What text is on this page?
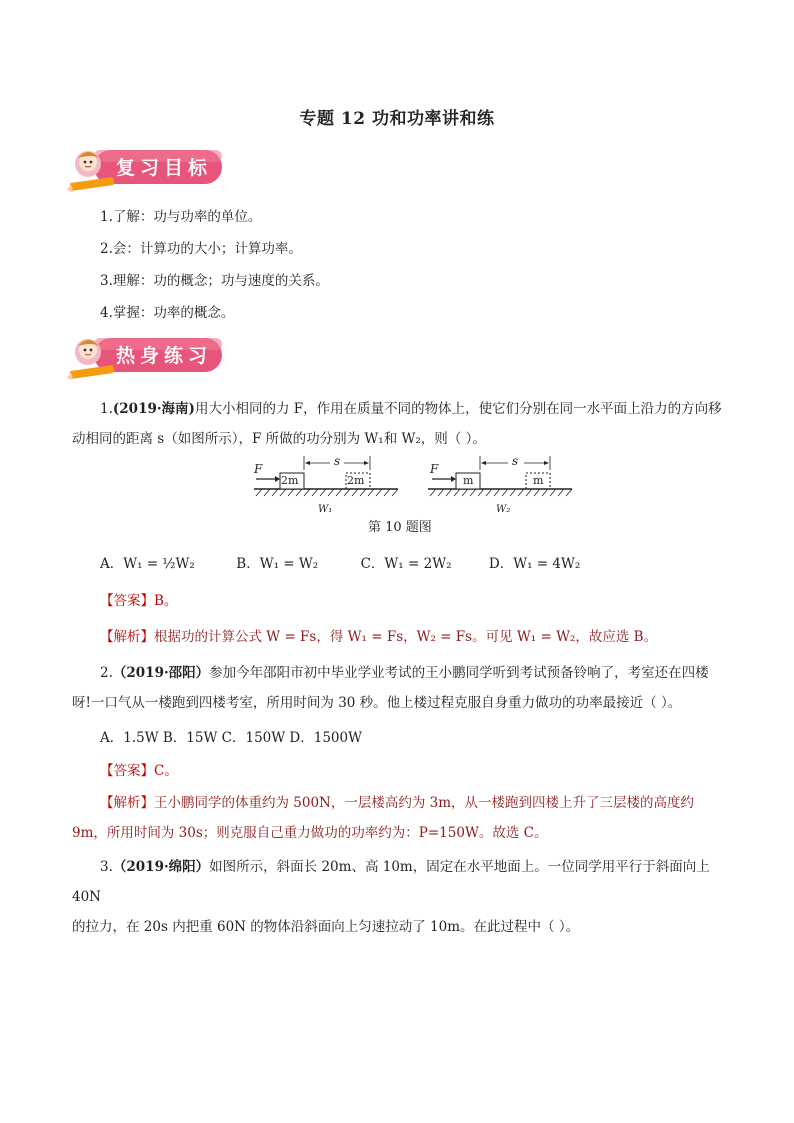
专题 12 功和功率讲和练
复习目标
1.了解：功与功率的单位。
2.会：计算功的大小；计算功率。
3.理解：功的概念；功与速度的关系。
4.掌握：功率的概念。
热身练习
1.(2019·海南)用大小相同的力 F，作用在质量不同的物体上，使它们分别在同一水平面上沿力的方向移
动相同的距离 s（如图所示），F 所做的功分别为 W₁和 W₂，则（ ）。
F
2m	2m
s
W₁
F
m	m
s
W₂
第 10 题图
A．W₁ = ½W₂	B．W₁ = W₂	C．W₁ = 2W₂	D．W₁ = 4W₂
【答案】B。
【解析】根据功的计算公式 W = Fs，得 W₁ = Fs，W₂ = Fs。可见 W₁ = W₂，故应选 B。
2.（2019·邵阳）参加今年邵阳市初中毕业学业考试的王小鹏同学听到考试预备铃响了，考室还在四楼
呀!一口气从一楼跑到四楼考室，所用时间为 30 秒。他上楼过程克服自身重力做功的功率最接近（ ）。
A．1.5W B．15W C．150W D．1500W
【答案】C。
【解析】王小鹏同学的体重约为 500N，一层楼高约为 3m，从一楼跑到四楼上升了三层楼的高度约
9m，所用时间为 30s；则克服自己重力做功的功率约为：P=150W。故选 C。
3.（2019·绵阳）如图所示，斜面长 20m、高 10m，固定在水平地面上。一位同学用平行于斜面向上 40N
的拉力，在 20s 内把重 60N 的物体沿斜面向上匀速拉动了 10m。在此过程中（ ）。
